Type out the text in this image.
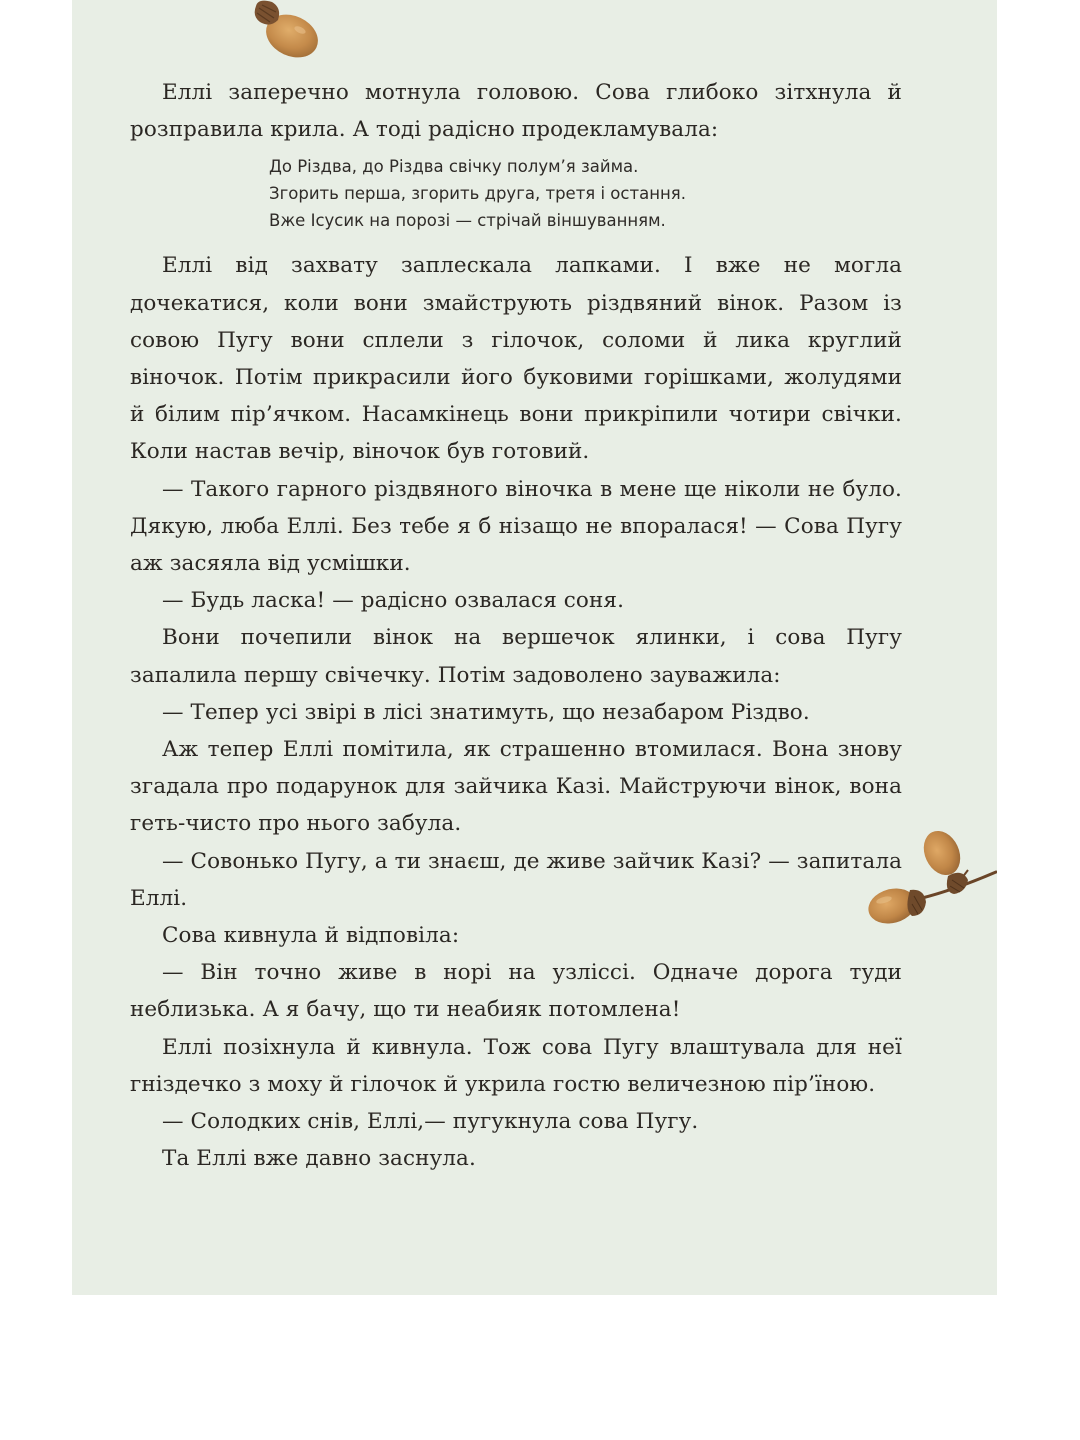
Еллі заперечно мотнула головою. Сова глибоко зітхнула й розправила крила. А тоді радісно продекламувала:

До Різдва, до Різдва свічку полум’я займа.
Згорить перша, згорить друга, третя і остання.
Вже Ісусик на порозі — стрічай віншуванням.

Еллі від захвату заплескала лапками. І вже не могла дочекатися, коли вони змайструють різдвяний вінок. Разом із совою Пугу вони сплели з гілочок, соломи й лика круглий віночок. Потім прикрасили його буковими горішками, жолудями й білим пір’ячком. Насамкінець вони прикріпили чотири свічки. Коли настав вечір, віночок був готовий.

— Такого гарного різдвяного віночка в мене ще ніколи не було. Дякую, люба Еллі. Без тебе я б нізащо не впоралася! — Сова Пугу аж засяяла від усмішки.

— Будь ласка! — радісно озвалася соня.

Вони почепили вінок на вершечок ялинки, і сова Пугу запалила першу свічечку. Потім задоволено зауважила:

— Тепер усі звірі в лісі знатимуть, що незабаром Різдво.

Аж тепер Еллі помітила, як страшенно втомилася. Вона знову згадала про подарунок для зайчика Казі. Майструючи вінок, вона геть-чисто про нього забула.

— Совонько Пугу, а ти знаєш, де живе зайчик Казі? — запитала Еллі.

Сова кивнула й відповіла:

— Він точно живе в норі на узліссі. Одначе дорога туди неблизька. А я бачу, що ти неабияк потомлена!

Еллі позіхнула й кивнула. Тож сова Пугу влаштувала для неї гніздечко з моху й гілочок й укрила гостю величезною пір’їною.

— Солодких снів, Еллі,— пугукнула сова Пугу.

Та Еллі вже давно заснула.
